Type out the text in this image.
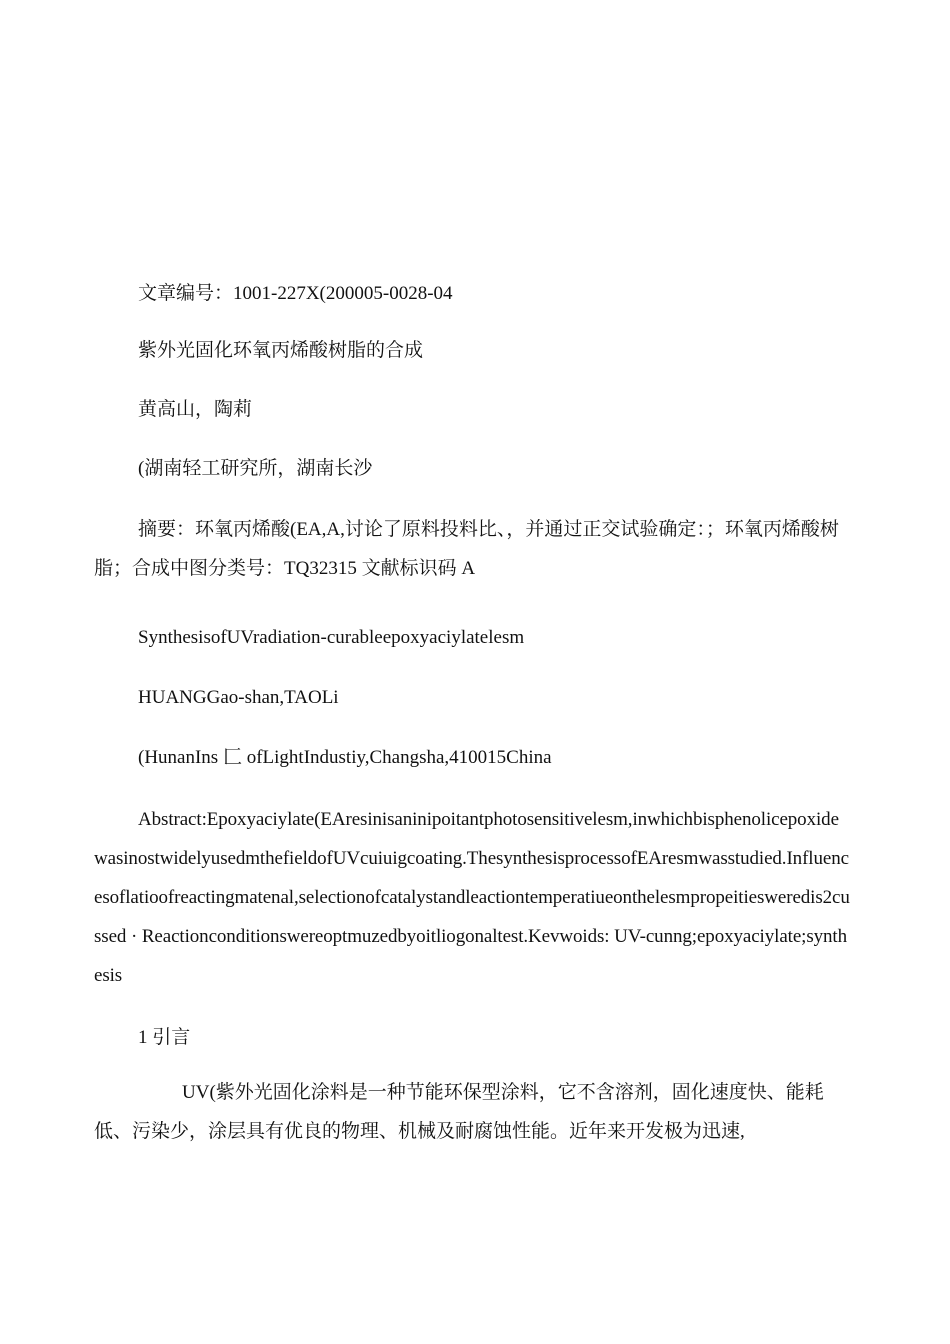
文章编号：1001-227X(200005-0028-04
紫外光固化环氧丙烯酸树脂的合成
黄高山，陶莉
(湖南轻工研究所，湖南长沙
摘要：环氧丙烯酸(EA,A,讨论了原料投料比、，并通过正交试验确定：；环氧丙烯酸树脂；合成中图分类号：TQ32315 文献标识码 A
SynthesisofUVradiation-curableepoxyaciylatelesm
HUANGGao-shan,TAOLi
(HunanIns 匚 ofLightIndustiy,Changsha,410015China
Abstract:Epoxyaciylate(EAresinisaninipoitantphotosensitivelesm,inwhichbisphenolicepoxidewasinostwidelyusedmthefieldofUVcuiuigcoating.ThesynthesisprocessofEAresmwasstudied.Influencesoflatioofreactingmatenal,selectionofcatalystandleactiontemperatiueonthelesmpropeitiesweredis2cussed · Reactionconditionswereoptmuzedbyoitliogonaltest.Kevwoids: UV-cunng;epoxyaciylate;synthesis
1 引言
UV(紫外光固化涂料是一种节能环保型涂料，它不含溶剂，固化速度快、能耗低、污染少，涂层具有优良的物理、机械及耐腐蚀性能。近年来开发极为迅速,
